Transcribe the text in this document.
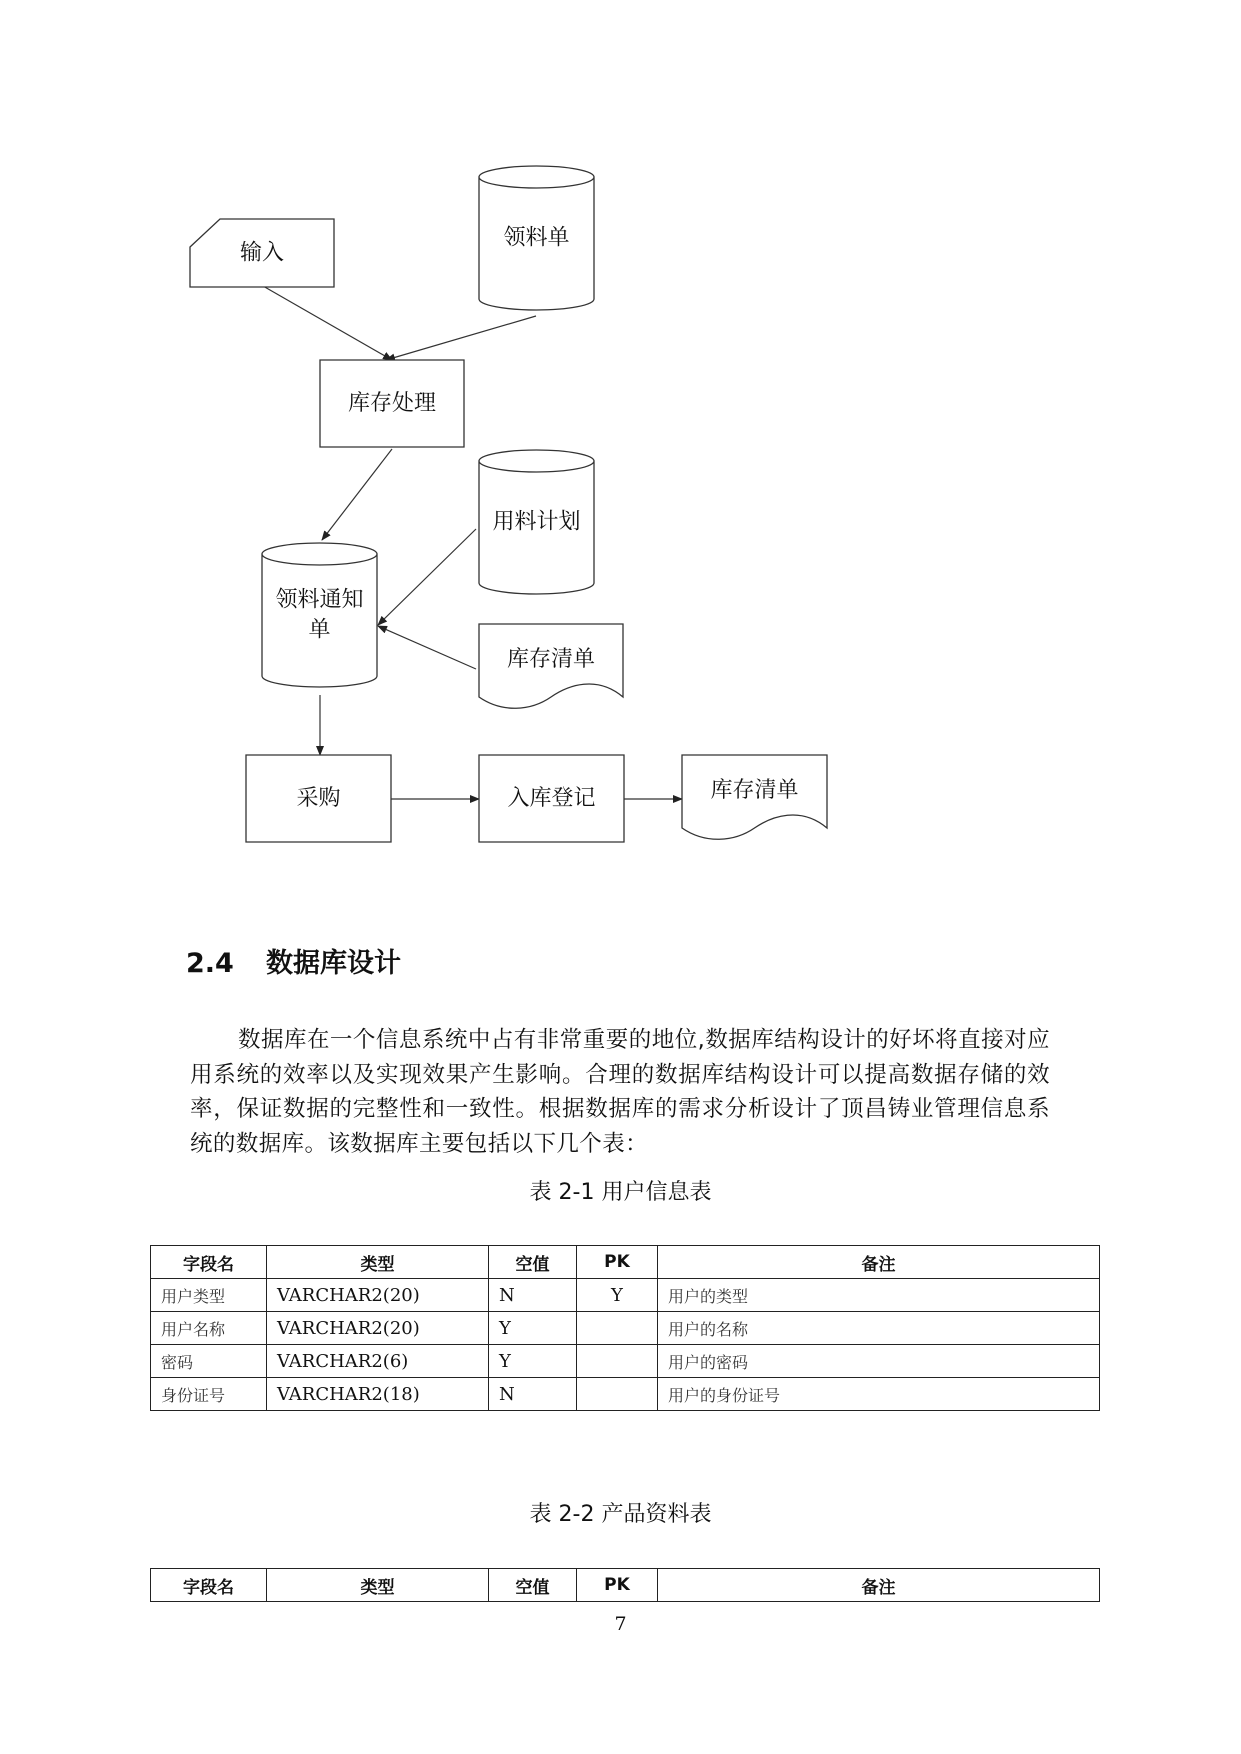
输入
领料单
库存处理
用料计划
领料通知
单
库存清单
采购	入库登记	库存清单
2.4 数据库设计

数据库在一个信息系统中占有非常重要的地位,数据库结构设计的好坏将直接对应用系统的效率以及实现效果产生影响。合理的数据库结构设计可以提高数据存储的效率，保证数据的完整性和一致性。根据数据库的需求分析设计了顶昌铸业管理信息系统的数据库。该数据库主要包括以下几个表：

表 2-1 用户信息表

字段名	类型	空值	PK	备注
用户类型	VARCHAR2(20)	N	Y	用户的类型
用户名称	VARCHAR2(20)	Y		用户的名称
密码	VARCHAR2(6)	Y		用户的密码
身份证号	VARCHAR2(18)	N		用户的身份证号

表 2-2 产品资料表

字段名	类型	空值	PK	备注

7
